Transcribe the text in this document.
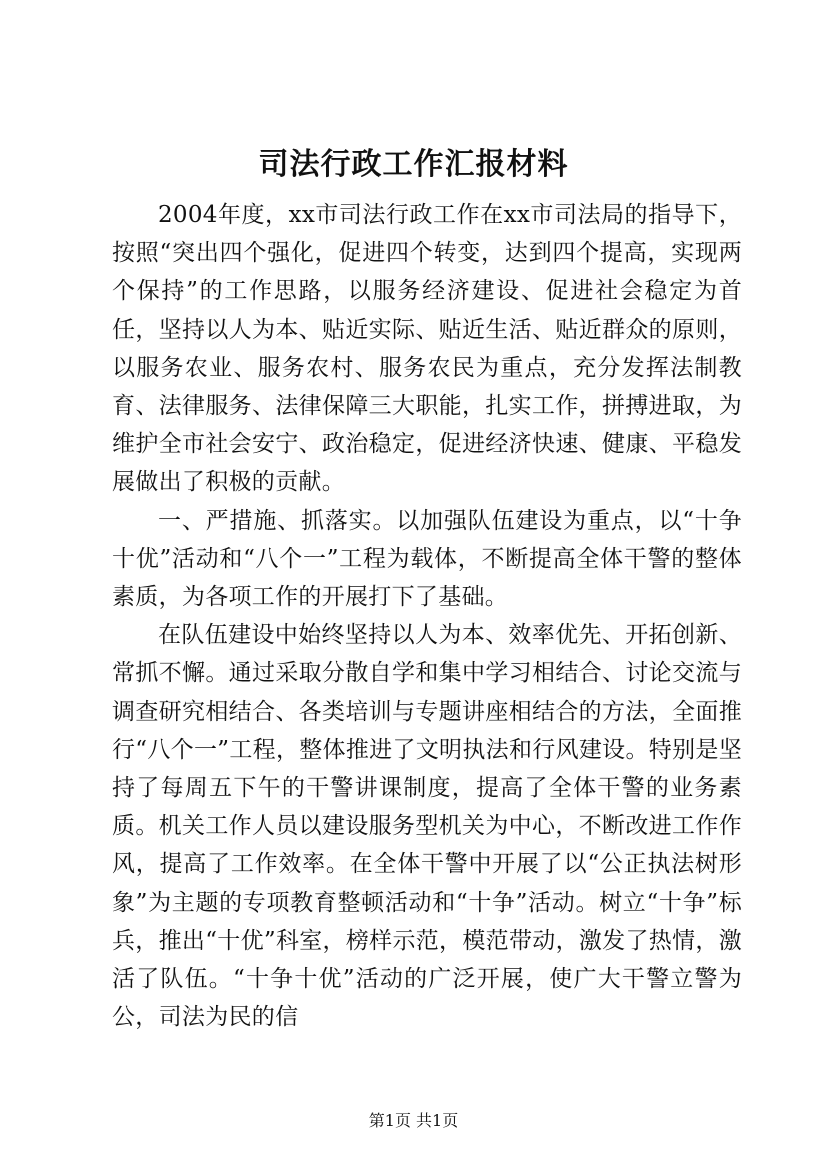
司法行政工作汇报材料

2004年度，xx市司法行政工作在xx市司法局的指导下，按照“突出四个强化，促进四个转变，达到四个提高，实现两个保持”的工作思路，以服务经济建设、促进社会稳定为首任，坚持以人为本、贴近实际、贴近生活、贴近群众的原则，以服务农业、服务农村、服务农民为重点，充分发挥法制教育、法律服务、法律保障三大职能，扎实工作，拼搏进取，为维护全市社会安宁、政治稳定，促进经济快速、健康、平稳发展做出了积极的贡献。

一、严措施、抓落实。以加强队伍建设为重点，以“十争十优”活动和“八个一”工程为载体，不断提高全体干警的整体素质，为各项工作的开展打下了基础。

在队伍建设中始终坚持以人为本、效率优先、开拓创新、常抓不懈。通过采取分散自学和集中学习相结合、讨论交流与调查研究相结合、各类培训与专题讲座相结合的方法，全面推行“八个一”工程，整体推进了文明执法和行风建设。特别是坚持了每周五下午的干警讲课制度，提高了全体干警的业务素质。机关工作人员以建设服务型机关为中心，不断改进工作作风，提高了工作效率。在全体干警中开展了以“公正执法树形象”为主题的专项教育整顿活动和“十争”活动。树立“十争”标兵，推出“十优”科室，榜样示范，模范带动，激发了热情，激活了队伍。“十争十优”活动的广泛开展，使广大干警立警为公，司法为民的信

第1页 共1页
